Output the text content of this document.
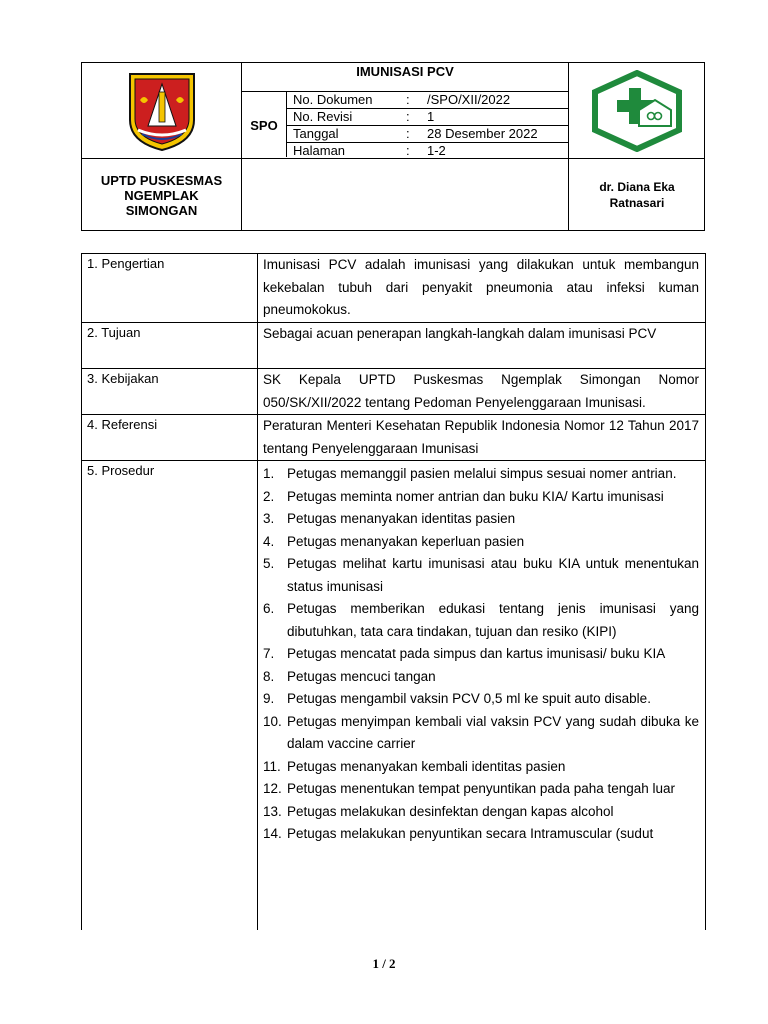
IMUNISASI PCV
SPO
No. Dokumen	: /SPO/XII/2022
No. Revisi	: 1
Tanggal	: 28 Desember 2022
Halaman	: 1-2
UPTD PUSKESMAS
NGEMPLAK
SIMONGAN
dr. Diana Eka
Ratnasari
1. Pengertian	Imunisasi PCV adalah imunisasi yang dilakukan untuk membangun kekebalan tubuh dari penyakit pneumonia atau infeksi kuman pneumokokus.
2. Tujuan	Sebagai acuan penerapan langkah-langkah dalam imunisasi PCV
3. Kebijakan	SK Kepala UPTD Puskesmas Ngemplak Simongan Nomor 050/SK/XII/2022 tentang Pedoman Penyelenggaraan Imunisasi.
4. Referensi	Peraturan Menteri Kesehatan Republik Indonesia Nomor 12 Tahun 2017 tentang Penyelenggaraan Imunisasi
5. Prosedur	1. Petugas memanggil pasien melalui simpus sesuai nomer antrian.
2. Petugas meminta nomer antrian dan buku KIA/ Kartu imunisasi
3. Petugas menanyakan identitas pasien
4. Petugas menanyakan keperluan pasien
5. Petugas melihat kartu imunisasi atau buku KIA untuk menentukan status imunisasi
6. Petugas memberikan edukasi tentang jenis imunisasi yang dibutuhkan, tata cara tindakan, tujuan dan resiko (KIPI)
7. Petugas mencatat pada simpus dan kartus imunisasi/ buku KIA
8. Petugas mencuci tangan
9. Petugas mengambil vaksin PCV 0,5 ml ke spuit auto disable.
10. Petugas menyimpan kembali vial vaksin PCV yang sudah dibuka ke dalam vaccine carrier
11. Petugas menanyakan kembali identitas pasien
12. Petugas menentukan tempat penyuntikan pada paha tengah luar
13. Petugas melakukan desinfektan dengan kapas alcohol
14. Petugas melakukan penyuntikan secara Intramuscular (sudut
1 / 2
